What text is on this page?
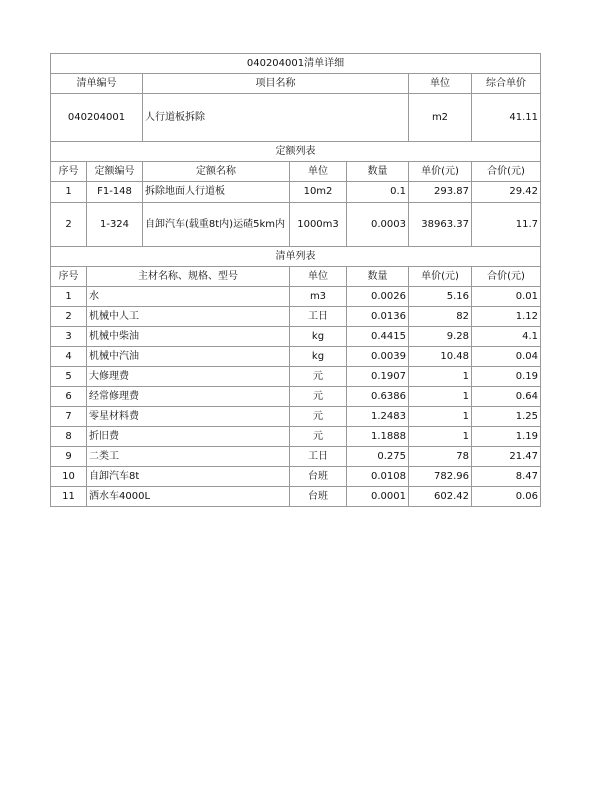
040204001清单详细						
清单编号		项目名称			单位	综合单价
040204001		人行道板拆除			m2	41.11
定额列表						
序号	定额编号	定额名称	单位	数量	单价(元)	合价(元)
1	F1-148	拆除地面人行道板	10m2	0.1	293.87	29.42
2	1-324	自卸汽车(载重8t内)运碴5km内	1000m3	0.0003	38963.37	11.7
清单列表						
序号	主材名称、规格、型号		单位	数量	单价(元)	合价(元)
1	水		m3	0.0026	5.16	0.01
2	机械中人工		工日	0.0136	82	1.12
3	机械中柴油		kg	0.4415	9.28	4.1
4	机械中汽油		kg	0.0039	10.48	0.04
5	大修理费		元	0.1907	1	0.19
6	经常修理费		元	0.6386	1	0.64
7	零星材料费		元	1.2483	1	1.25
8	折旧费		元	1.1888	1	1.19
9	二类工		工日	0.275	78	21.47
10	自卸汽车8t		台班	0.0108	782.96	8.47
11	洒水车4000L		台班	0.0001	602.42	0.06
